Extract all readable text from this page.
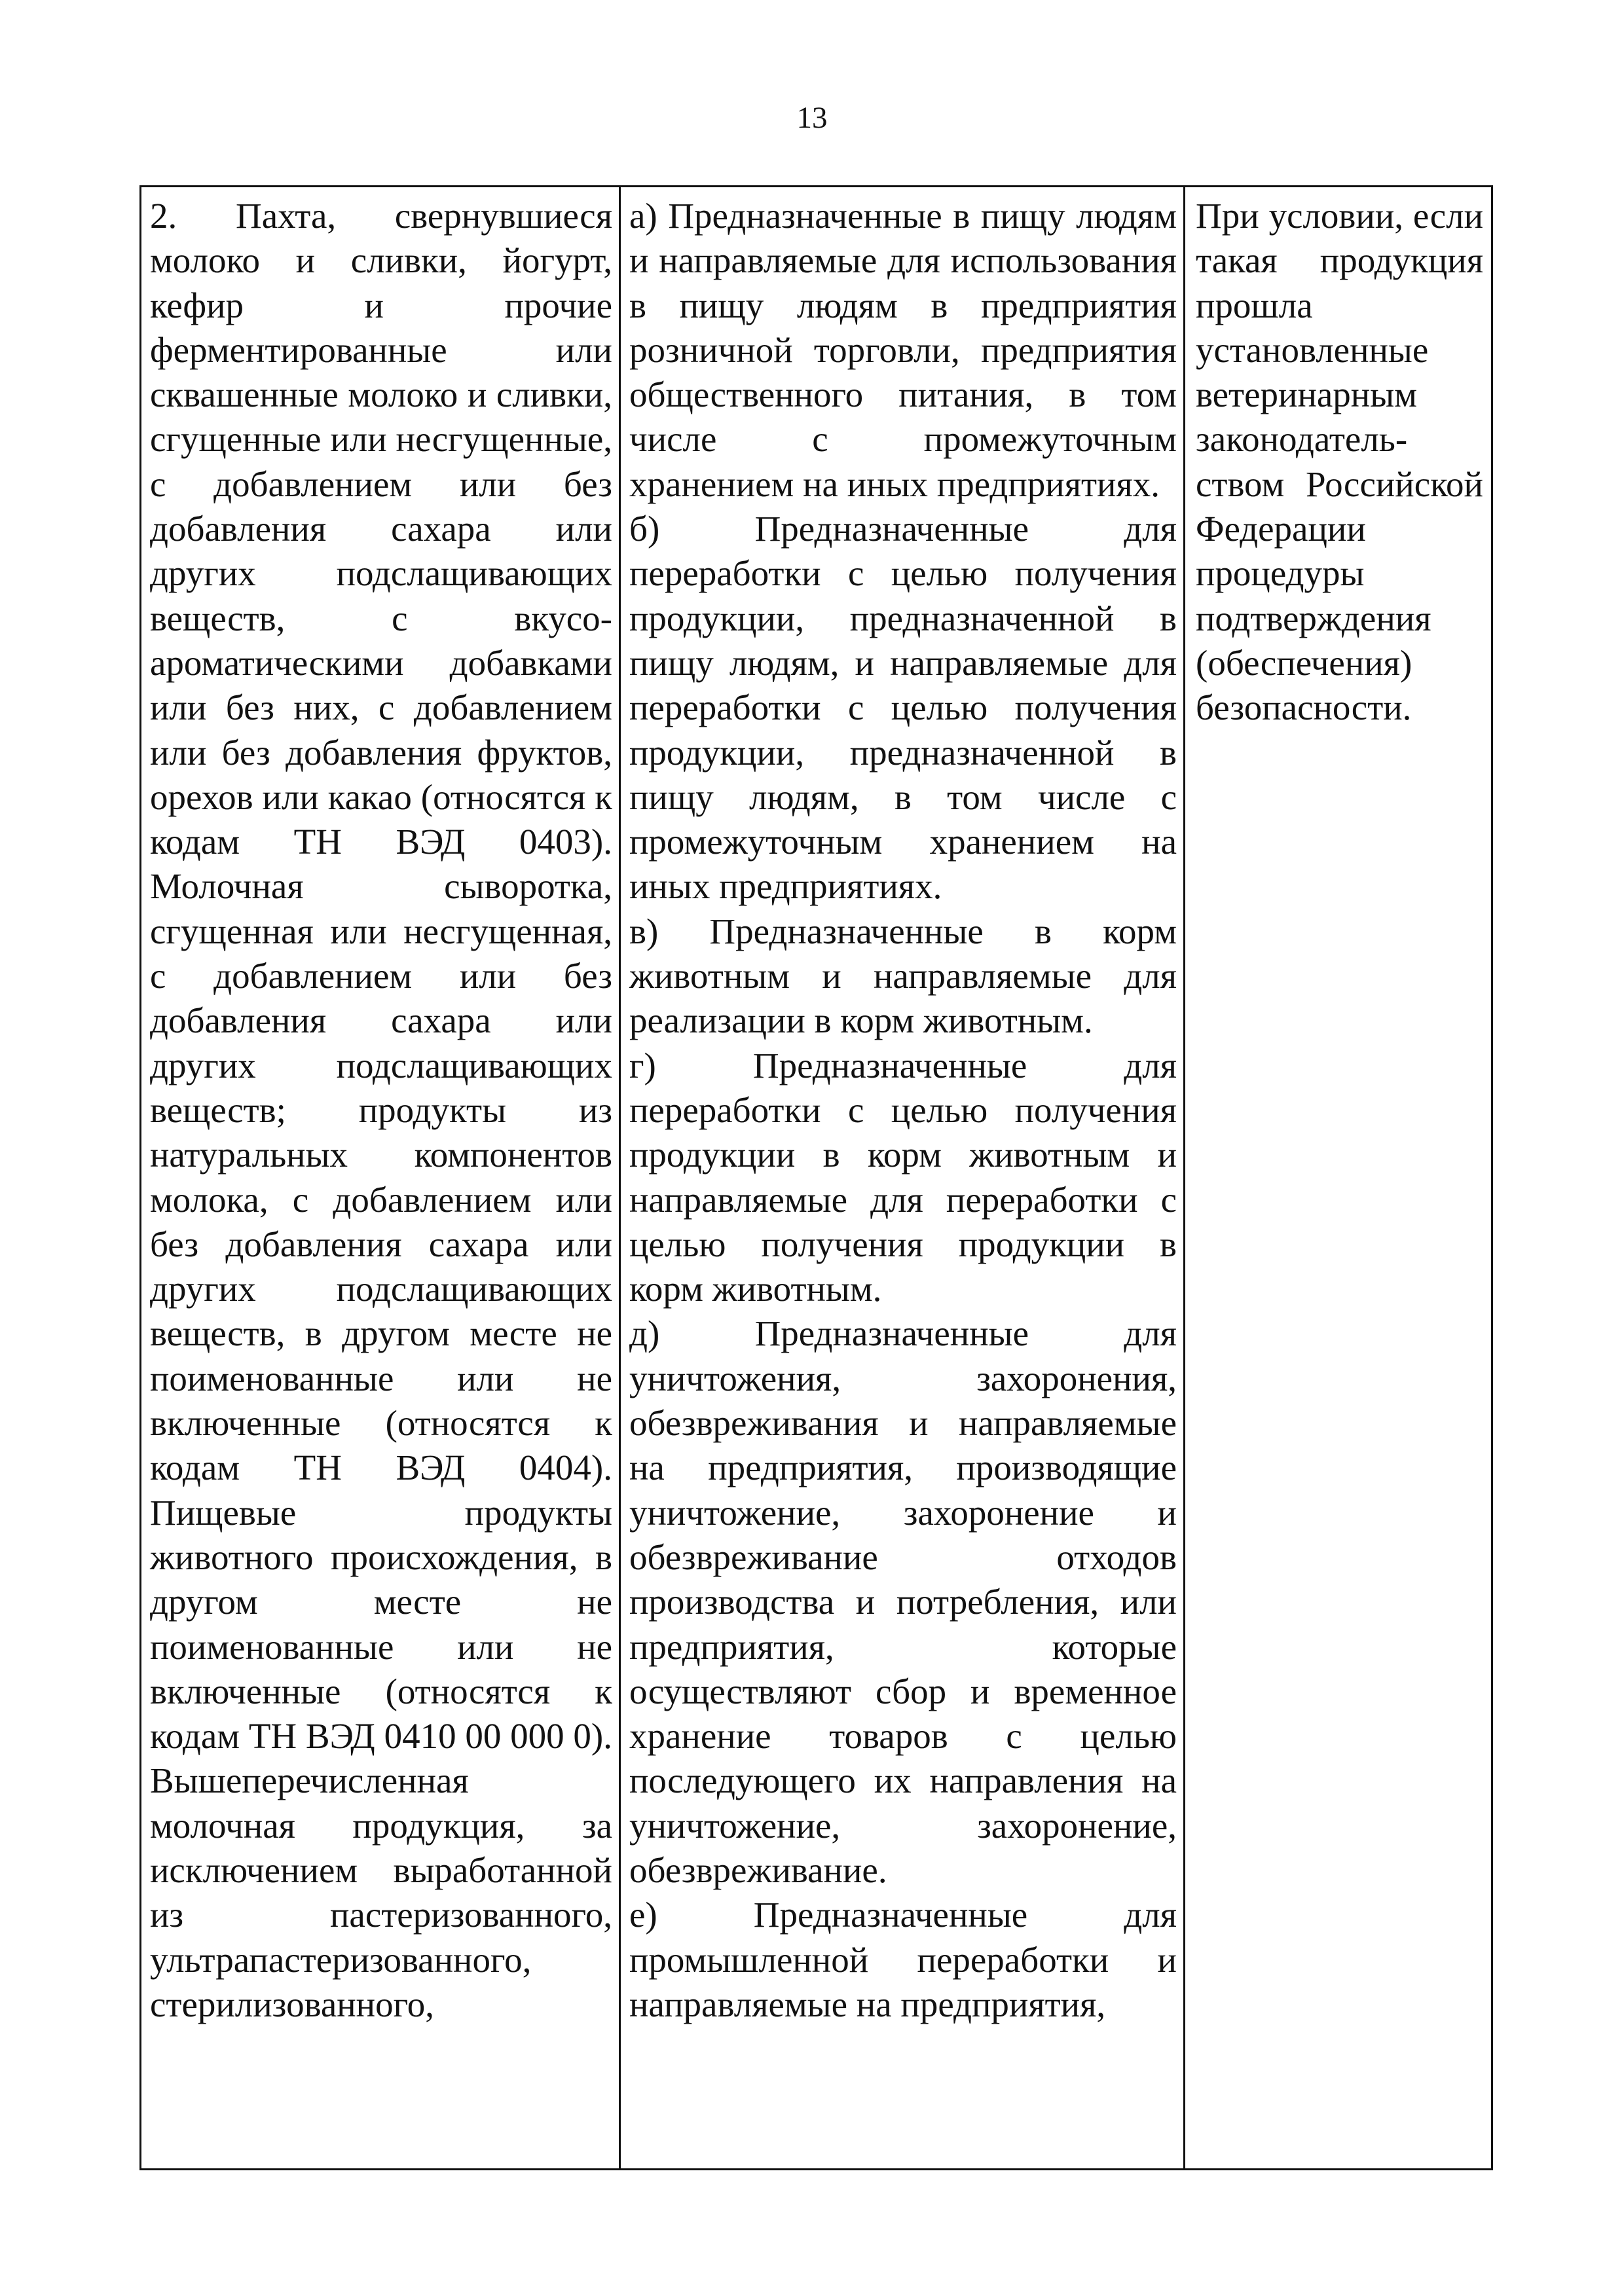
13

2. Пахта, свернувшиеся молоко и сливки, йогурт, кефир и прочие ферментированные или сквашенные молоко и сливки, сгущенные или несгущенные, с добавлением или без добавления сахара или других подслащивающих веществ, с вкусо-ароматическими добавками или без них, с добавлением или без добавления фруктов, орехов или какао (относятся к кодам ТН ВЭД 0403). Молочная сыворотка, сгущенная или несгущенная, с добавлением или без добавления сахара или других подслащивающих веществ; продукты из натуральных компонентов молока, с добавлением или без добавления сахара или других подслащивающих веществ, в другом месте не поименованные или не включенные (относятся к кодам ТН ВЭД 0404). Пищевые продукты животного происхождения, в другом месте не поименованные или не включенные (относятся к кодам ТН ВЭД 0410 00 000 0). Вышеперечисленная молочная продукция, за исключением выработанной из пастеризованного, ультрапастеризованного, стерилизованного,

а) Предназначенные в пищу людям и направляемые для использования в пищу людям в предприятия розничной торговли, предприятия общественного питания, в том числе с промежуточным хранением на иных предприятиях.

б) Предназначенные для переработки с целью получения продукции, предназначенной в пищу людям, и направляемые для переработки с целью получения продукции, предназначенной в пищу людям, в том числе с промежуточным хранением на иных предприятиях.

в) Предназначенные в корм животным и направляемые для реализации в корм животным.

г) Предназначенные для переработки с целью получения продукции в корм животным и направляемые для переработки с целью получения продукции в корм животным.

д) Предназначенные для уничтожения, захоронения, обезвреживания и направляемые на предприятия, производящие уничтожение, захоронение и обезвреживание отходов производства и потребления, или предприятия, которые осуществляют сбор и временное хранение товаров с целью последующего их направления на уничтожение, захоронение, обезвреживание.

е) Предназначенные для промышленной переработки и направляемые на предприятия,

При условии, если такая продукция прошла установленные ветеринарным законодатель-ством Российской Федерации процедуры подтверждения (обеспечения) безопасности.
